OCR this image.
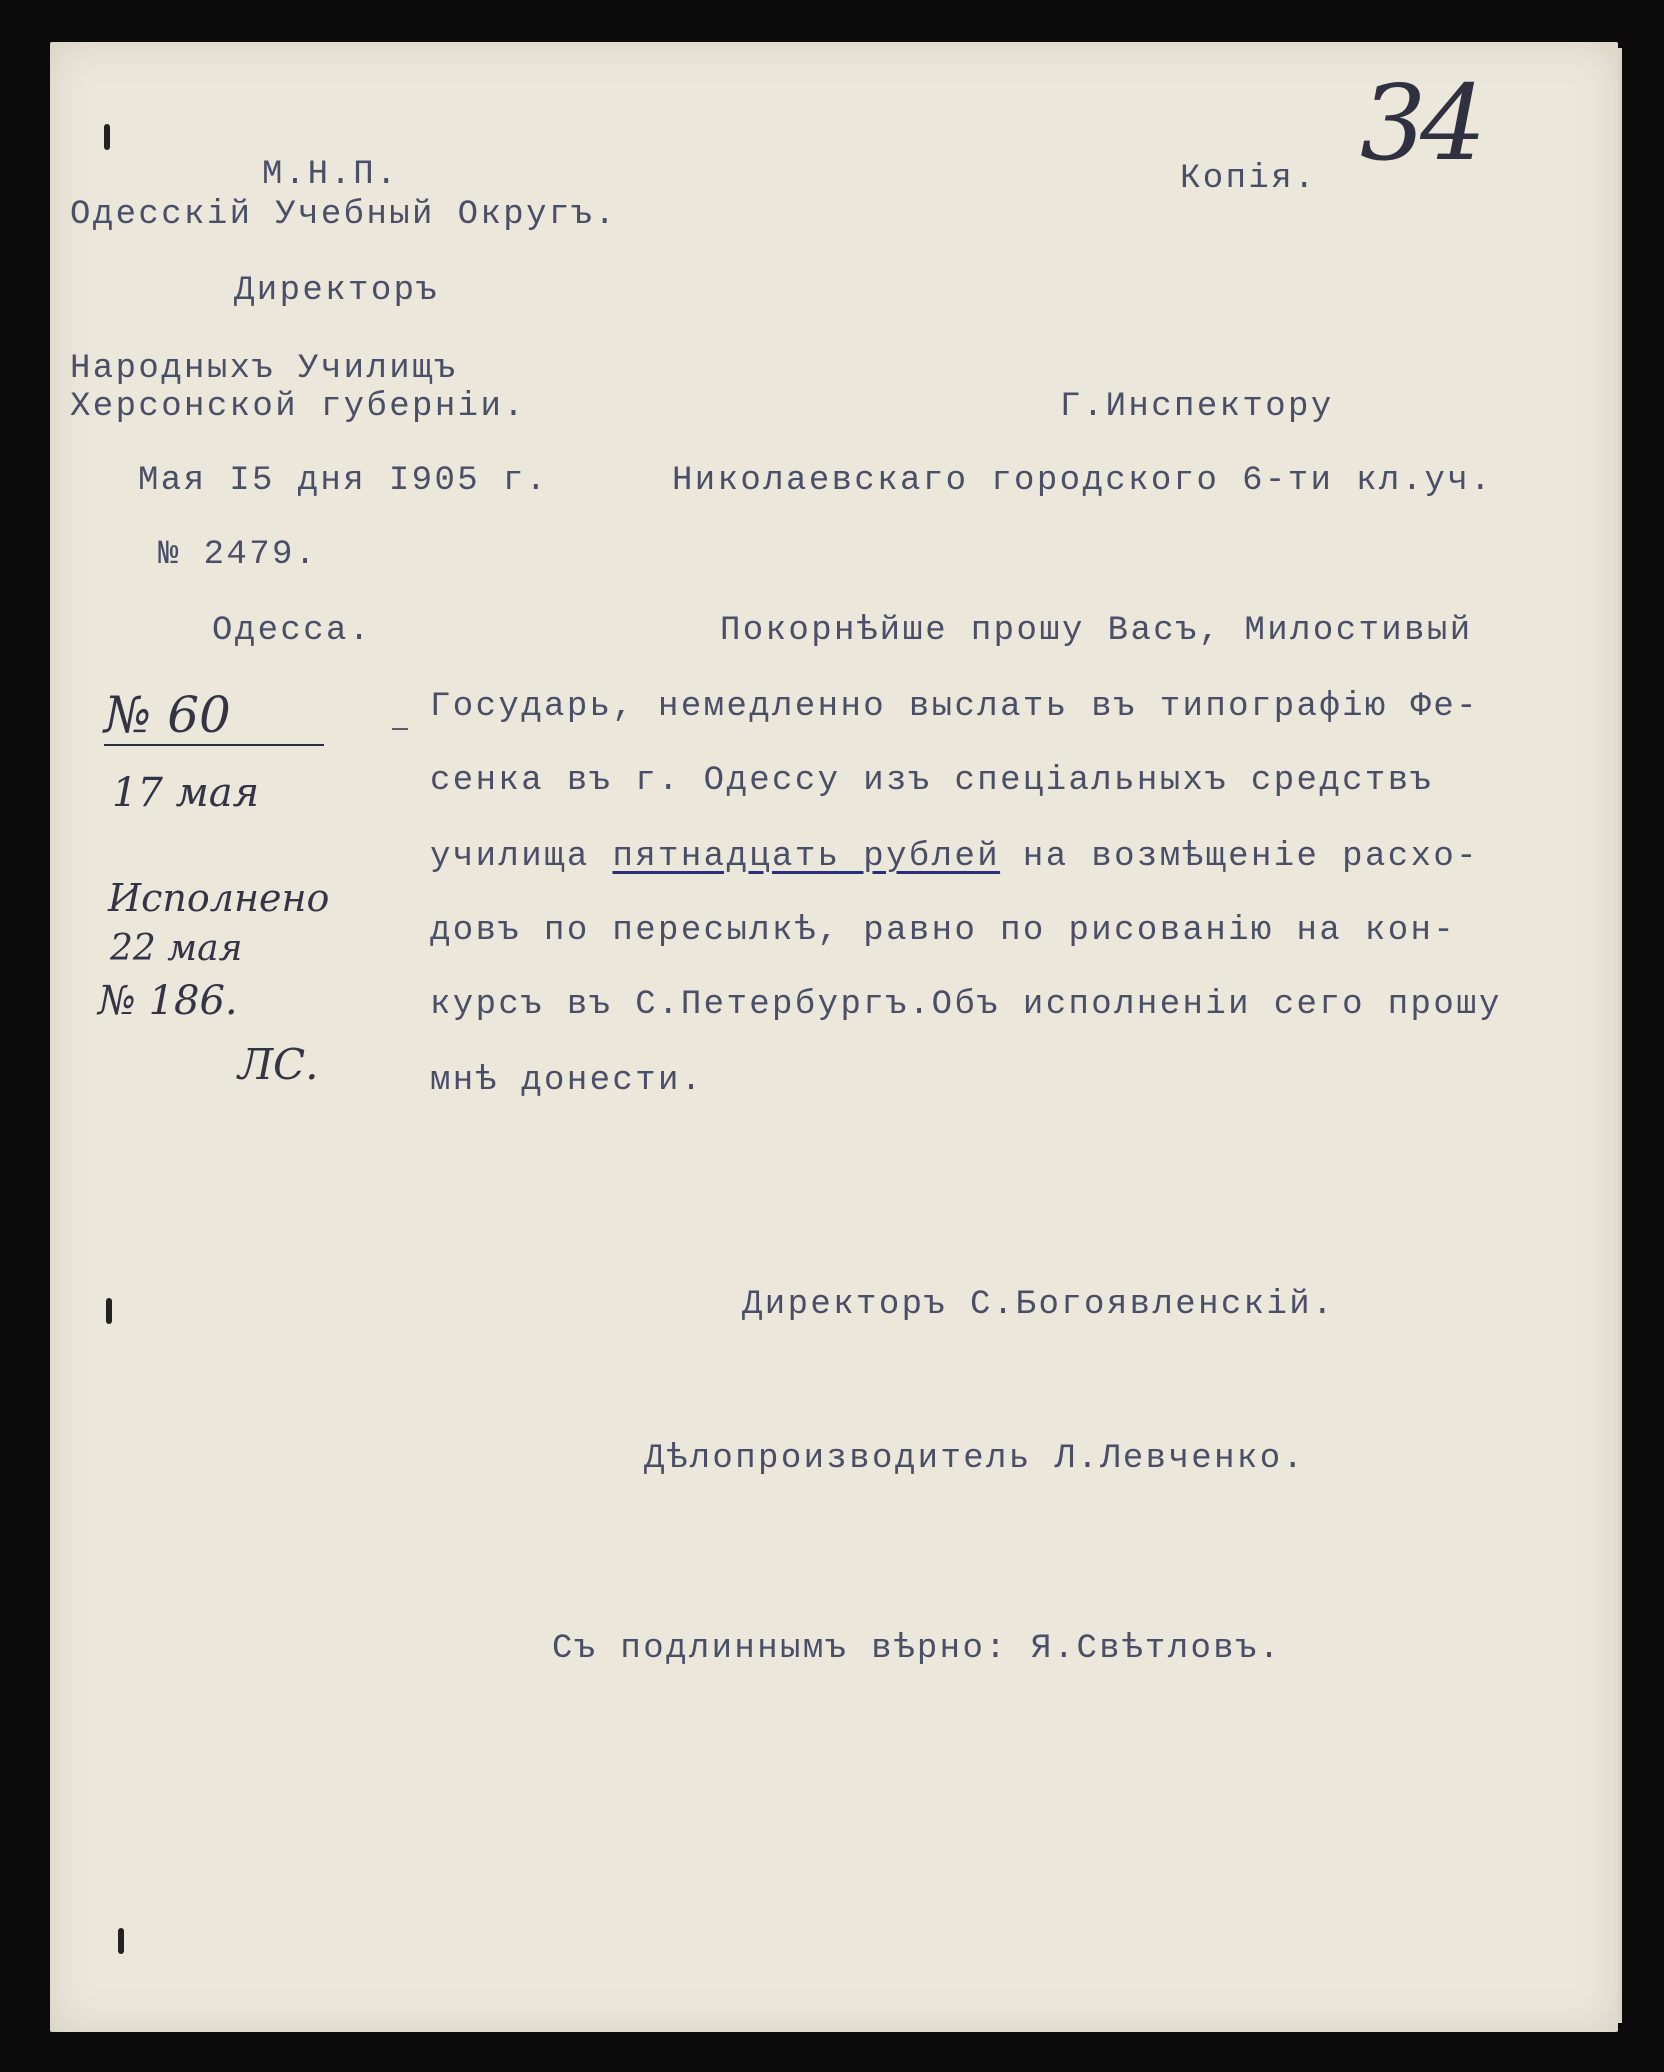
М.Н.П.
Одесскій Учебный Округъ.
Директоръ
Народныхъ Училищъ
Херсонской губерніи.
Мая I5 дня I905 г.
№ 2479.
Одесса.
Копія. 34
Г.Инспектору
Николаевскаго городского 6-ти кл.уч.
Покорнѣйше прошу Васъ, Милостивый
Государь, немедленно выслать въ типографію Фе-
сенка въ г. Одессу изъ спеціальныхъ средствъ
училища пятнадцать рублей на возмѣщеніе расхо-
довъ по пересылкѣ, равно по рисованію на кон-
курсъ въ С.Петербургъ.Объ исполненіи сего прошу
мнѣ донести.
№ 60
17 мая
Исполнено
22 мая
№ 186.
ЛС.
Директоръ С.Богоявленскій.
Дѣлопроизводитель Л.Левченко.
Съ подлиннымъ вѣрно: Я.Свѣтловъ.
